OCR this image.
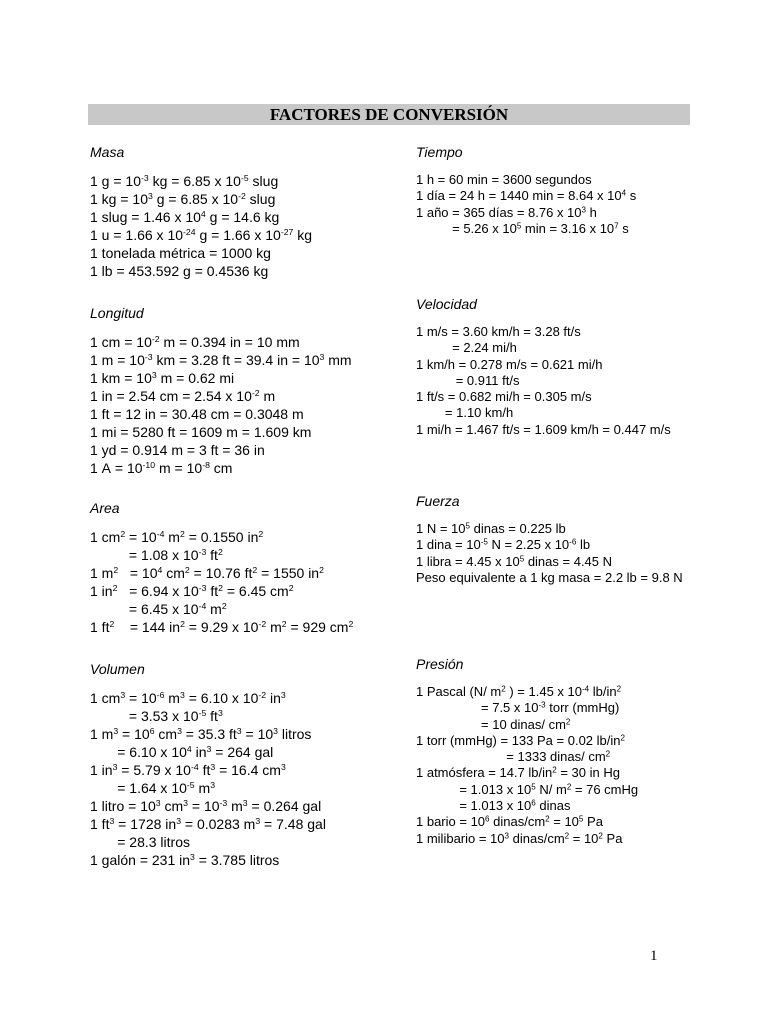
FACTORES DE CONVERSIÓN
Masa
1 $g = 10^{-3}$ kg = 6.85 x $10^{-5}$ slug
1 kg = $10^3$ g = 6.85 x $10^{-2}$ slug
1 slug = 1.46 x $10^4$ g = 14.6 kg
1 u = 1.66 x $10^{-24}$ g = 1.66 x $10^{-27}$ kg
1 tonelada métrica = 1000 kg
1 lb = 453.592 g = 0.4536 kg
Longitud
1 cm = $10^{-2}$ m = 0.394 in = 10 mm
1 $m = 10^{-3}$ km = 3.28 ft = 39.4 in = $10^3$ mm
1 km = $10^3$ m = 0.62 mi
1 in = 2.54 cm = 2.54 x $10^{-2}$ m
1 ft = 12 in = 30.48 cm = 0.3048 m
1 mi = 5280 ft = 1609 m = 1.609 km
1 yd = 0.914 m = 3 ft = 36 in
1 $A = 10^{-10}$ $m = 10^{-8}$ cm
Area
1 $cm^2 = 10^{-4}$ $m^2 = 0.1550$ $in^2$
= 1.08 x $10^{-3}$ $ft^2$
1 $m^2 = 10^4$ $cm^2 = 10.76$ $ft^2 = 1550$ $in^2$
1 $in^2 = 6.94$ x $10^{-3}$ $ft^2 = 6.45$ $cm^2$
= 6.45 x $10^{-4}$ $m^2$
1 $ft^2$    = 144 $in^2 = 9.29$ x $10^{-2}$ $m^2 = 929$ $cm^2$
Volumen
1 $cm^3 = 10^{-6}$ $m^3 = 6.10$ x $10^{-2}$ $in^3$
= 3.53 x $10^{-5}$ $ft^3$
1 $m^3 = 10^6$ $cm^3 = 35.3$ $ft^3 = 10^3$ litros
= 6.10 x $10^4$ $in^3 = 264$ gal
1 $in^3 = 5.79$ x $10^{-4}$ $ft^3 = 16.4$ $cm^3$
= 1.64 x $10^{-5}$ $m^3$
1 litro = $10^3$ $cm^3 = 10^{-3}$ $m^3 = 0.264$ gal
1 $ft^3 = 1728$ $in^3 = 0.0283$ $m^3 = 7.48$ gal
= 28.3 litros
1 galón = 231 $in^3 = 3.785$ litros
Tiempo
1 h = 60 min = 3600 segundos
1 día = 24 h = 1440 min = 8.64 x $10^4$ s
1 año = 365 días = 8.76 x $10^3$ h
= 5.26 x $10^5$ min = 3.16 x $10^7$ s
Velocidad
1 m/s = 3.60 km/h = 3.28 ft/s
= 2.24 mi/h
1 km/h = 0.278 m/s = 0.621 mi/h
= 0.911 ft/s
1 ft/s = 0.682 mi/h = 0.305 m/s
= 1.10 km/h
1 mi/h = 1.467 ft/s = 1.609 km/h = 0.447 m/s
Fuerza
1 $N = 10^5$ dinas = 0.225 lb
1 dina = $10^{-5}$ N = 2.25 x $10^{-6}$ lb
1 libra = 4.45 x $10^5$ dinas = 4.45 N
Peso equivalente a 1 kg masa = 2.2 lb = 9.8 N
Presión
1 Pascal (N/ $m^2$ ) = 1.45 x $10^{-4}$ $lb/in^2$
= 7.5 x $10^{-3}$ torr (mmHg)
= 10 dinas/ $cm^2$
1 torr (mmHg) = 133 Pa = 0.02 $lb/in^2$
= 1333 dinas/ $cm^2$
1 atmósfera = 14.7 $lb/in^2 = 30$ in Hg
= 1.013 x $10^5$ N/ $m^2 = 76$ cmHg
= 1.013 x $10^6$ dinas
1 bario = $10^6$ dinas/$cm^2 = 10^5$ Pa
1 milibario = $10^3$ dinas/$cm^2 = 10^2$ Pa
1
